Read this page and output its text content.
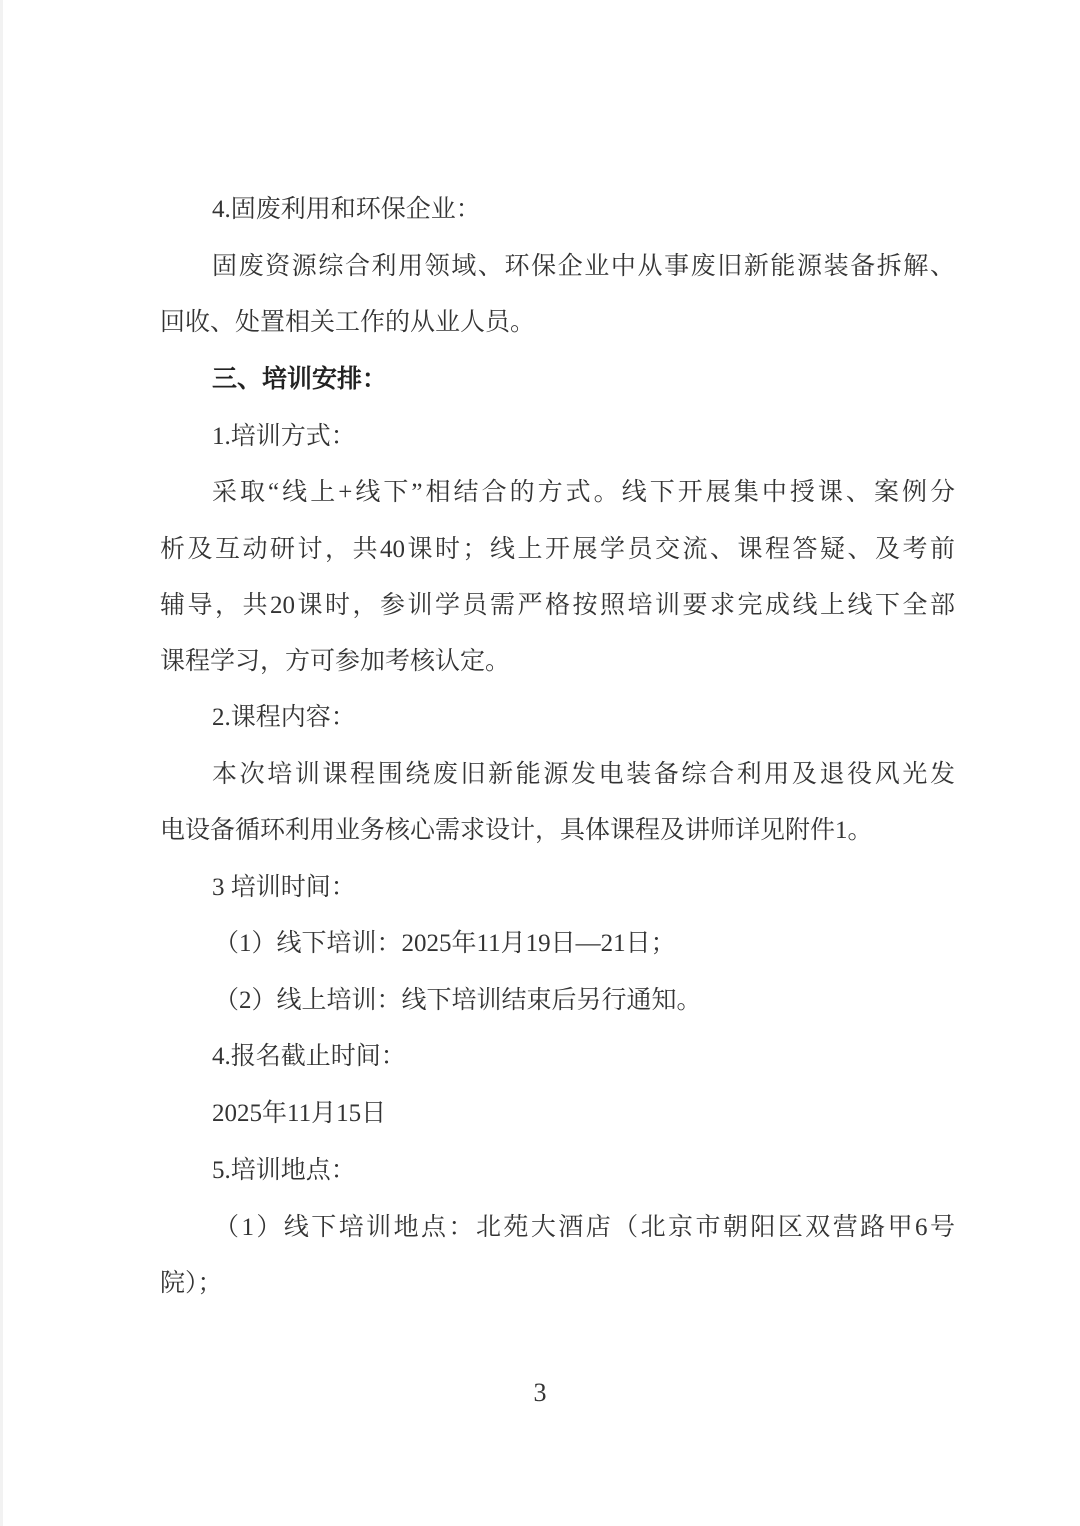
4.固废利用和环保企业：
固废资源综合利用领域、环保企业中从事废旧新能源装备拆解、
回收、处置相关工作的从业人员。
三、培训安排：
1.培训方式：
采取“线上+线下”相结合的方式。线下开展集中授课、案例分
析及互动研讨，共40课时；线上开展学员交流、课程答疑、及考前
辅导，共20课时，参训学员需严格按照培训要求完成线上线下全部
课程学习，方可参加考核认定。
2.课程内容：
本次培训课程围绕废旧新能源发电装备综合利用及退役风光发
电设备循环利用业务核心需求设计，具体课程及讲师详见附件1。
3 培训时间：
（1）线下培训：2025年11月19日—21日；
（2）线上培训：线下培训结束后另行通知。
4.报名截止时间：
2025年11月15日
5.培训地点：
（1）线下培训地点：北苑大酒店（北京市朝阳区双营路甲6号
院）；
3
